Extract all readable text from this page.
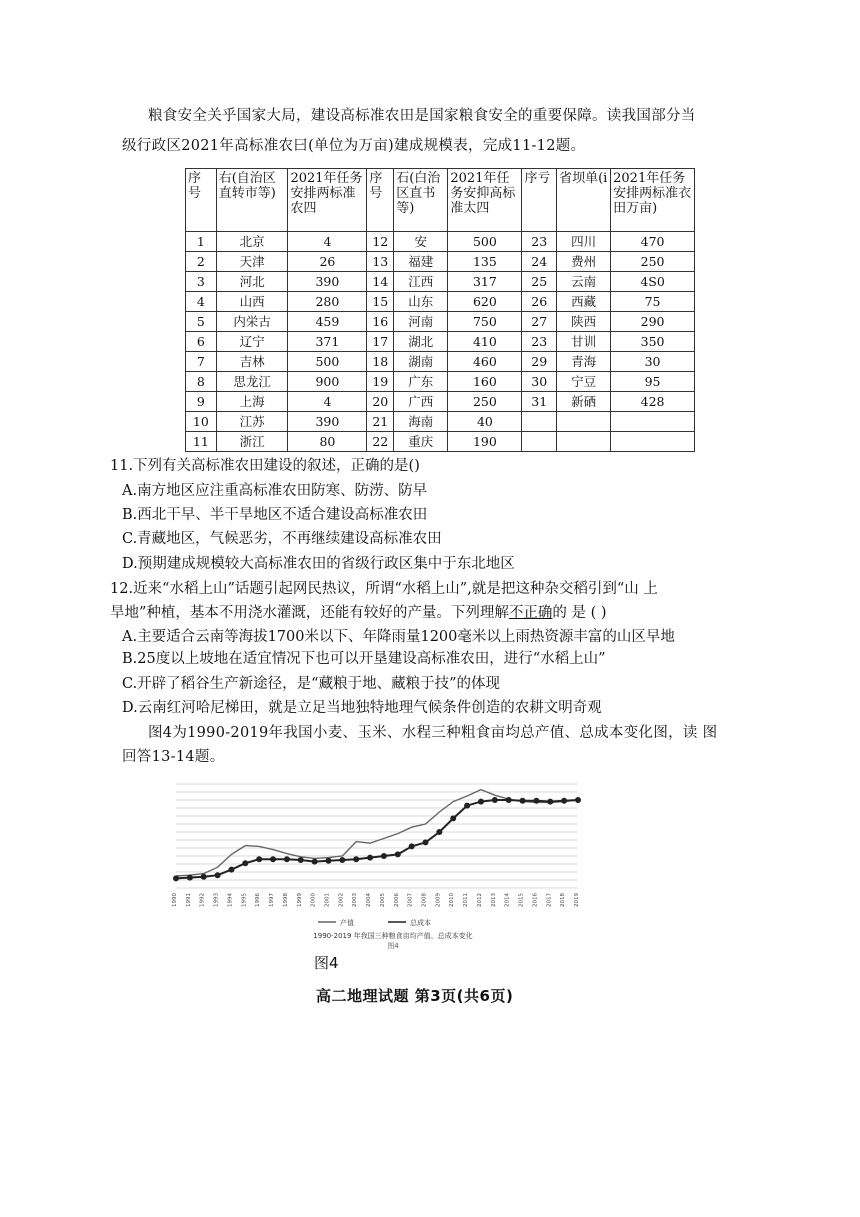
粮食安全关乎国家大局，建设高标准农田是国家粮食安全的重要保障。读我国部分当
级行政区2021年高标准农曰(单位为万亩)建成规模表，完成11-12题。
序号	右(自治区直转市等)	2021年任务安排两标准农四	序号	石(白治区直书等)	2021年任务安抑高标准太四	序亏	省坝单(i	2021年任务安排两标准衣田万亩)
1	北京	4	12	安	500	23	四川	470
2	天津	26	13	福建	135	24	费州	250
3	河北	390	14	江西	317	25	云南	4S0
4	山西	280	15	山东	620	26	西藏	75
5	内栄古	459	16	河南	750	27	陕西	290
6	辽宁	371	17	湖北	410	23	甘训	350
7	吉林	500	18	湖南	460	29	青海	30
8	思龙江	900	19	广东	160	30	宁豆	95
9	上海	4	20	广西	250	31	新硒	428
10	江苏	390	21	海南	40			
11	浙江	80	22	重庆	190			
11.下列有关高标准农田建设的叙述，正确的是()
A.南方地区应注重高标准农田防寒、防涝、防早
B.西北干早、半干旱地区不适合建设高标准农田
C.青藏地区，气候恶劣，不再继续建设高标准农田
D.预期建成规模较大高标准农田的省级行政区集中于东北地区
12.近来“水稻上山”话题引起网民热议，所谓“水稻上山”,就是把这种杂交稻引到“山 上
旱地”种植，基本不用浇水灌溉，还能有较好的产量。下列理解不正确的 是 ( )
A.主要适合云南等海拔1700米以下、年降雨量1200毫米以上雨热资源丰富的山区早地
B.25度以上坡地在适宜情况下也可以开垦建设高标准农田，进行“水稻上山”
C.开辟了稻谷生产新途径，是“藏粮于地、藏粮于技”的体现
D.云南红河哈尼梯田，就是立足当地独特地理气候条件创造的农耕文明奇观
图4为1990-2019年我国小麦、玉米、水程三种粗食亩均总产值、总成本变化图，读 图
回答13-14题。
1990 1991 1992 1993 1994 1995 1996 1997 1998 1999 2000 2001 2002 2003 2004 2005 2006 2007 2008 2009 2010 2011 2012 2013 2014 2015 2016 2017 2018 2019
产值	总成本
1990-2019 年我国三种粮食亩均产值、总成本变化
图4
图4
高二地理试题 第3页(共6页)
